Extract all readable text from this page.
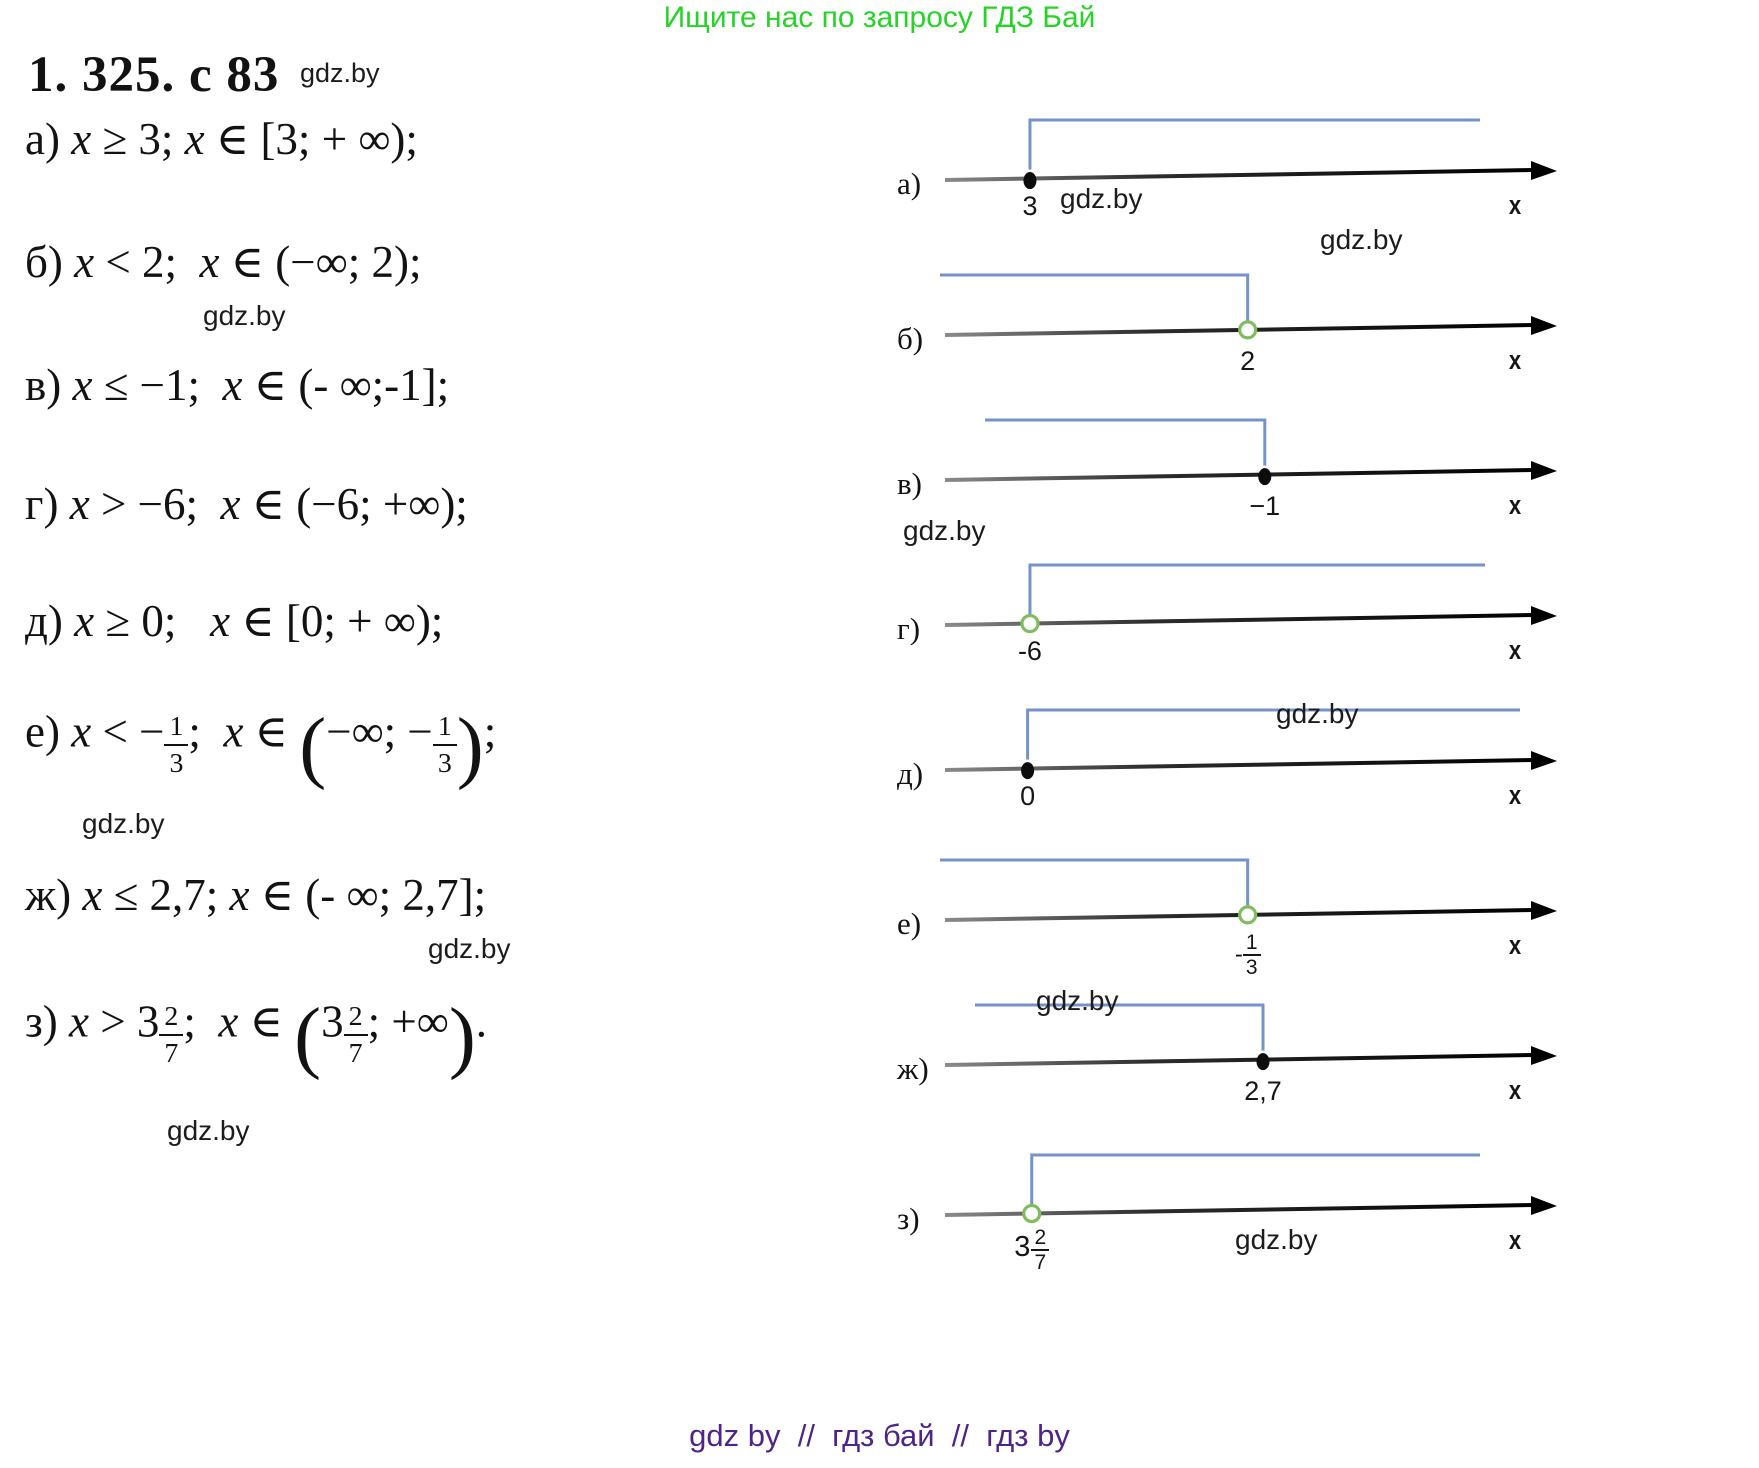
Ищите нас по запросу ГДЗ Бай
1. 325. с 83
а) x ≥ 3; x ∈ [3; + ∞);
б) x < 2;  x ∈ (−∞; 2);
в) x ≤ −1;  x ∈ (- ∞;-1];
г) x > −6;  x ∈ (−6; +∞);
д) x ≥ 0;   x ∈ [0; + ∞);
е) x < − $\frac{1}{3}$ ;  x ∈ (−∞; − $\frac{1}{3}$ );
ж) x ≤ 2,7; x ∈ (- ∞; 2,7];
з) $x > 3 \frac{2}{7}$ ;  x ∈ ($3 \frac{2}{7}$ ; +∞).
а)
3	x
б)
2	x
в)
−1	x
г)
-6	x
д)
0	x
е)
- $\frac{1}{3}$	x
ж)
2,7	x
з)
$3 \frac{2}{7}$	x
gdz.by
gdz.by
gdz.by
gdz.by
gdz.by
gdz.by
gdz.by
gdz.by
gdz.by
gdz.by
gdz.by
gdz by  //  гдз бай  //  гдз by
